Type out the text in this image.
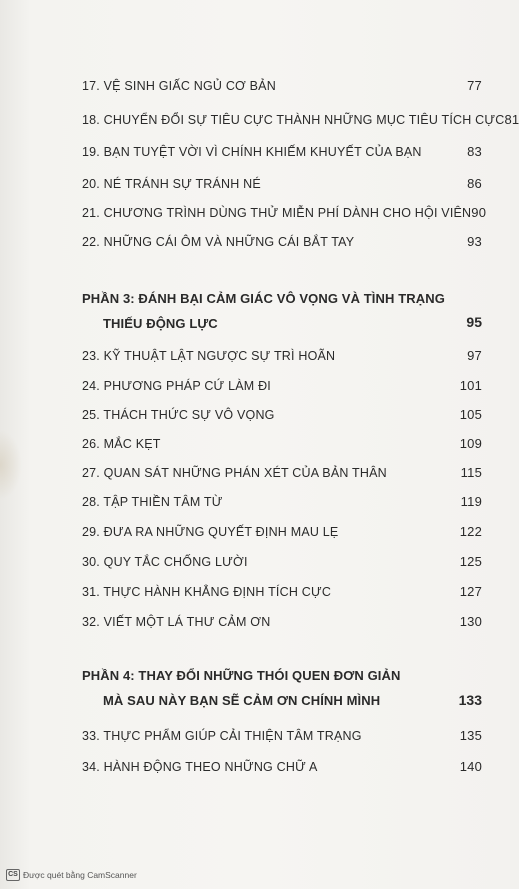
17. VỆ SINH GIẤC NGỦ CƠ BẢN	77
18. CHUYỂN ĐỔI SỰ TIÊU CỰC THÀNH NHỮNG MỤC TIÊU TÍCH CỰC 81
19. BẠN TUYỆT VỜI VÌ CHÍNH KHIẾM KHUYẾT CỦA BẠN	83
20. NÉ TRÁNH SỰ TRÁNH NÉ	86
21. CHƯƠNG TRÌNH DÙNG THỬ MIỄN PHÍ DÀNH CHO HỘI VIÊN 90
22. NHỮNG CÁI ÔM VÀ NHỮNG CÁI BẮT TAY	93
PHẦN 3: ĐÁNH BẠI CẢM GIÁC VÔ VỌNG VÀ TÌNH TRẠNG
THIẾU ĐỘNG LỰC	95
23. KỸ THUẬT LẬT NGƯỢC SỰ TRÌ HOÃN	97
24. PHƯƠNG PHÁP CỨ LÀM ĐI	101
25. THÁCH THỨC SỰ VÔ VỌNG	105
26. MẮC KẸT	109
27. QUAN SÁT NHỮNG PHÁN XÉT CỦA BẢN THÂN	115
28. TẬP THIỀN TÂM TỪ	119
29. ĐƯA RA NHỮNG QUYẾT ĐỊNH MAU LẸ	122
30. QUY TẮC CHỐNG LƯỜI	125
31. THỰC HÀNH KHẲNG ĐỊNH TÍCH CỰC	127
32. VIẾT MỘT LÁ THƯ CẢM ƠN	130
PHẦN 4: THAY ĐỔI NHỮNG THÓI QUEN ĐƠN GIẢN
MÀ SAU NÀY BẠN SẼ CẢM ƠN CHÍNH MÌNH	133
33. THỰC PHẨM GIÚP CẢI THIỆN TÂM TRẠNG	135
34. HÀNH ĐỘNG THEO NHỮNG CHỮ A	140
CS Được quét bằng CamScanner
